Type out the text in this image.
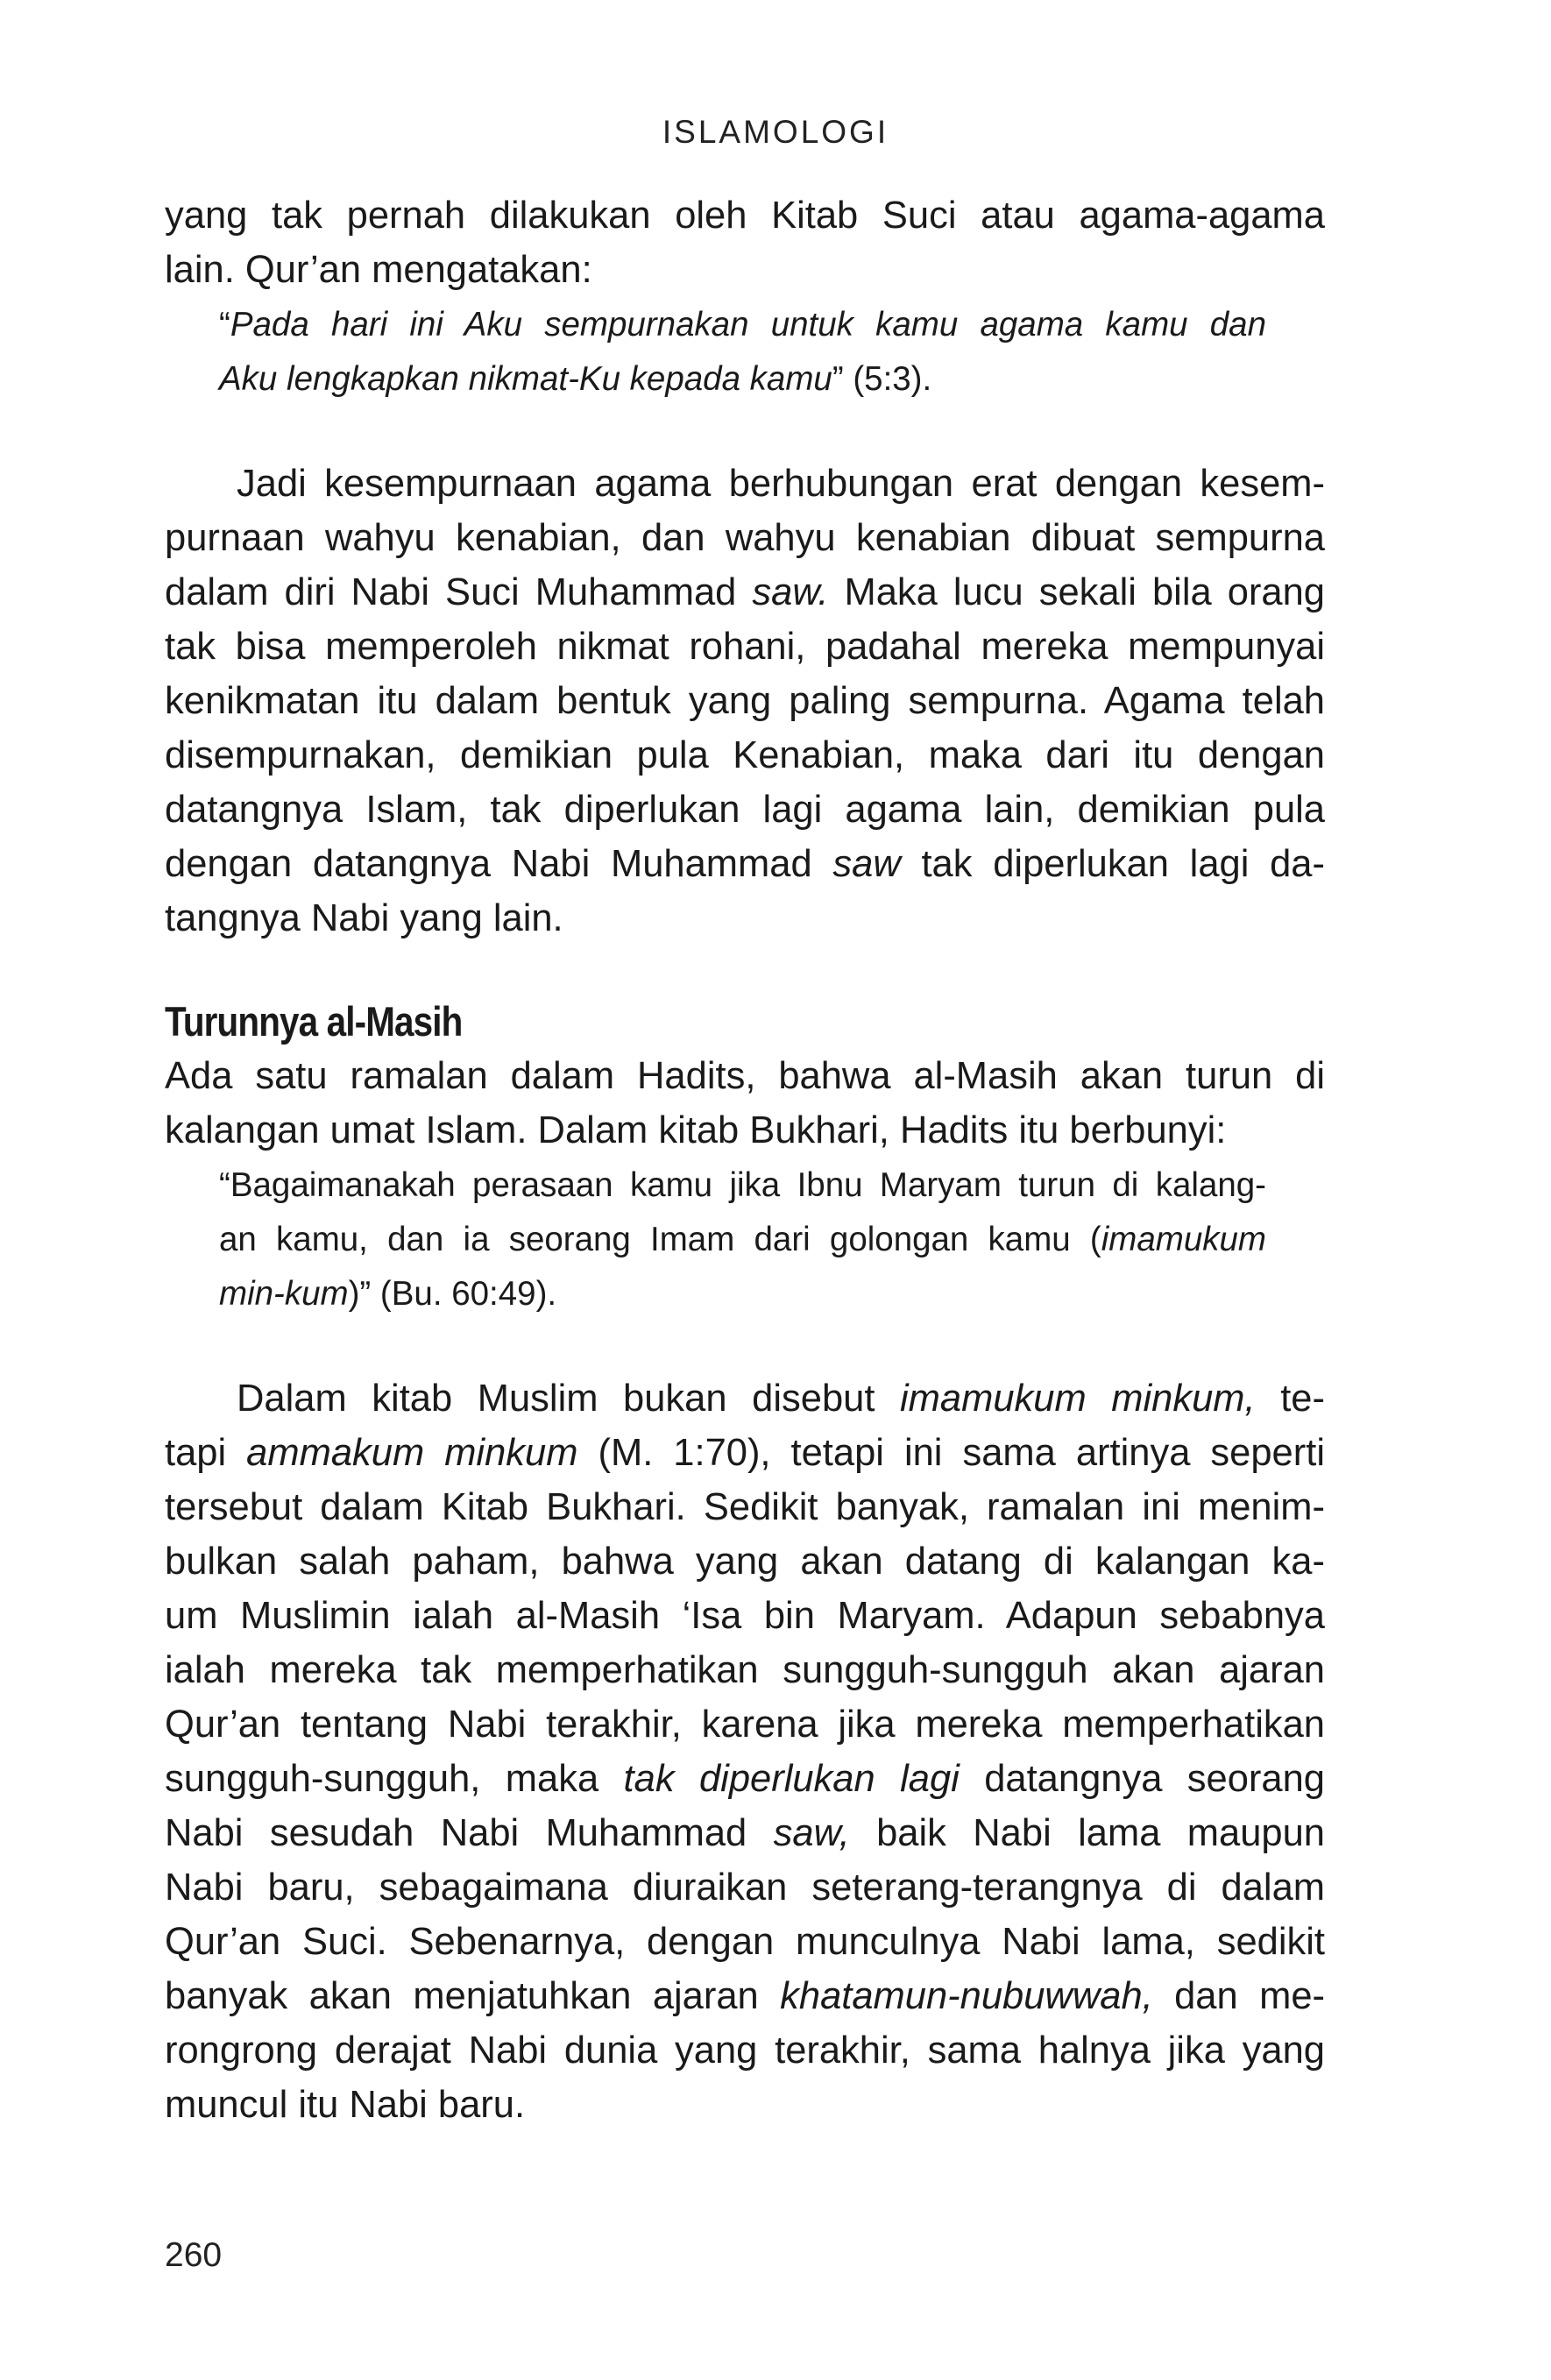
ISLAMOLOGI
yang tak pernah dilakukan oleh Kitab Suci atau agama-agama
lain. Qur’an mengatakan:
“Pada hari ini Aku sempurnakan untuk kamu agama kamu dan
Aku lengkapkan nikmat-Ku kepada kamu” (5:3).
Jadi kesempurnaan agama berhubungan erat dengan kesem-
purnaan wahyu kenabian, dan wahyu kenabian dibuat sempurna
dalam diri Nabi Suci Muhammad saw. Maka lucu sekali bila orang
tak bisa memperoleh nikmat rohani, padahal mereka mempunyai
kenikmatan itu dalam bentuk yang paling sempurna. Agama telah
disempurnakan, demikian pula Kenabian, maka dari itu dengan
datangnya Islam, tak diperlukan lagi agama lain, demikian pula
dengan datangnya Nabi Muhammad saw tak diperlukan lagi da-
tangnya Nabi yang lain.
Turunnya al-Masih
Ada satu ramalan dalam Hadits, bahwa al-Masih akan turun di
kalangan umat Islam. Dalam kitab Bukhari, Hadits itu berbunyi:
“Bagaimanakah perasaan kamu jika Ibnu Maryam turun di kalang-
an kamu, dan ia seorang Imam dari golongan kamu (imamukum
min-kum)” (Bu. 60:49).
Dalam kitab Muslim bukan disebut imamukum minkum, te-
tapi ammakum minkum (M. 1:70), tetapi ini sama artinya seperti
tersebut dalam Kitab Bukhari. Sedikit banyak, ramalan ini menim-
bulkan salah paham, bahwa yang akan datang di kalangan ka-
um Muslimin ialah al-Masih ‘Isa bin Maryam. Adapun sebabnya
ialah mereka tak memperhatikan sungguh-sungguh akan ajaran
Qur’an tentang Nabi terakhir, karena jika mereka memperhatikan
sungguh-sungguh, maka tak diperlukan lagi datangnya seorang
Nabi sesudah Nabi Muhammad saw, baik Nabi lama maupun
Nabi baru, sebagaimana diuraikan seterang-terangnya di dalam
Qur’an Suci. Sebenarnya, dengan munculnya Nabi lama, sedikit
banyak akan menjatuhkan ajaran khatamun-nubuwwah, dan me-
rongrong derajat Nabi dunia yang terakhir, sama halnya jika yang
muncul itu Nabi baru.
260
